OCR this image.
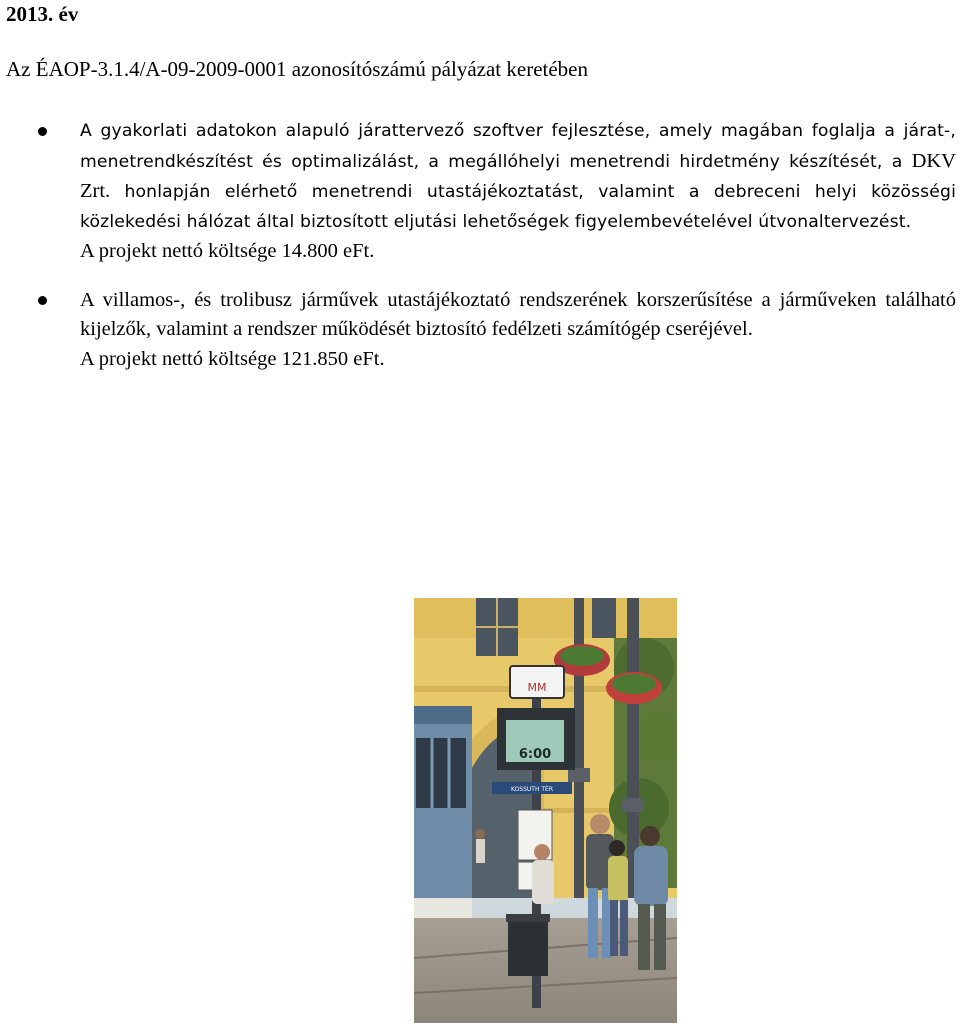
2013. év
Az ÉAOP-3.1.4/A-09-2009-0001 azonosítószámú pályázat keretében
A gyakorlati adatokon alapuló járattervező szoftver fejlesztése, amely magában foglalja a járat-, menetrendkészítést és optimalizálást, a megállóhelyi menetrendi hirdetmény készítését, a DKV Zrt. honlapján elérhető menetrendi utastájékoztatást, valamint a debreceni helyi közösségi közlekedési hálózat által biztosított eljutási lehetőségek figyelembevételével útvonaltervezést.
A projekt nettó költsége 14.800 eFt.
A villamos-, és trolibusz járművek utastájékoztató rendszerének korszerűsítése a járműveken található kijelzők, valamint a rendszer működését biztosító fedélzeti számítógép cseréjével.
A projekt nettó költsége 121.850 eFt.
MM
6:00
KOSSUTH TÉR
